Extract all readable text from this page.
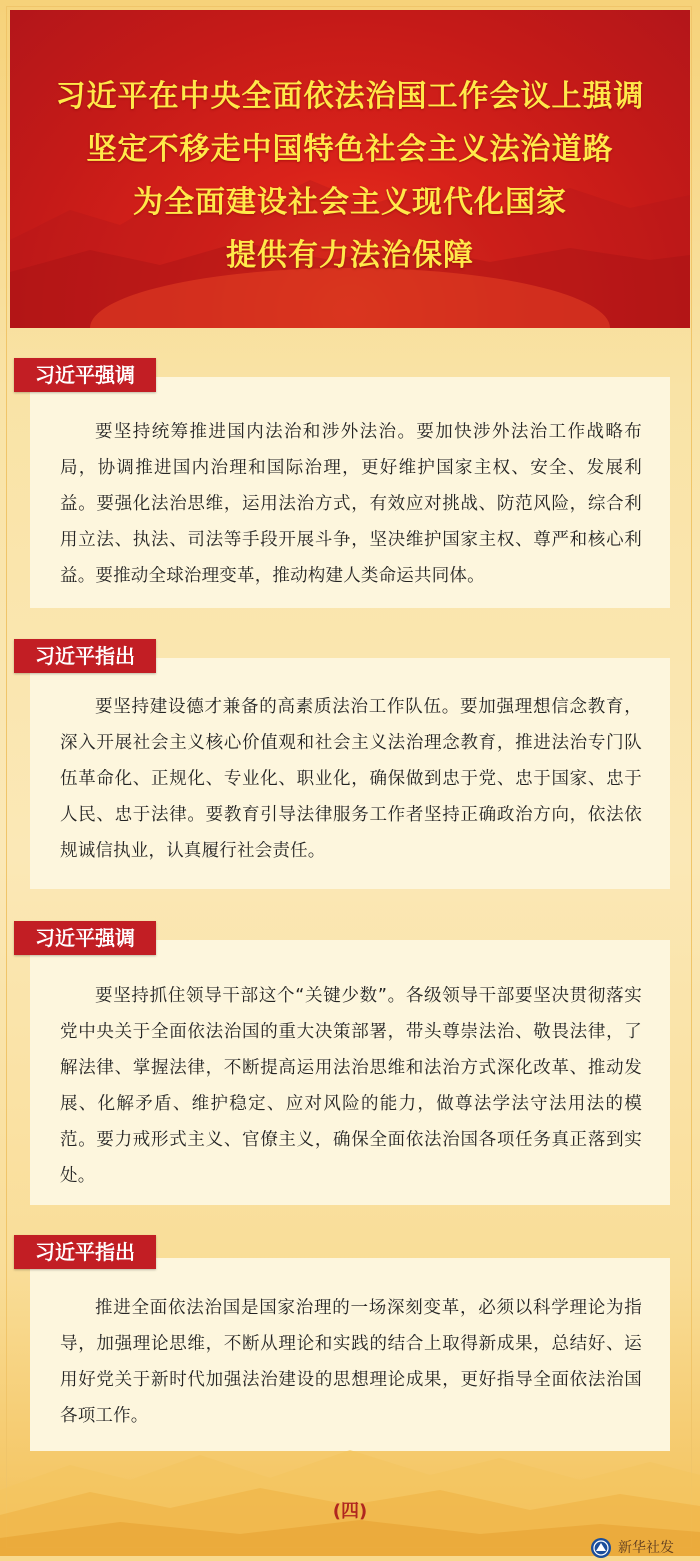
习近平在中央全面依法治国工作会议上强调
坚定不移走中国特色社会主义法治道路
为全面建设社会主义现代化国家
提供有力法治保障
习近平强调

要坚持统筹推进国内法治和涉外法治。要加快涉外法治工作战略布局，协调推进国内治理和国际治理，更好维护国家主权、安全、发展利益。要强化法治思维，运用法治方式，有效应对挑战、防范风险，综合利用立法、执法、司法等手段开展斗争，坚决维护国家主权、尊严和核心利益。要推动全球治理变革，推动构建人类命运共同体。

习近平指出

要坚持建设德才兼备的高素质法治工作队伍。要加强理想信念教育，深入开展社会主义核心价值观和社会主义法治理念教育，推进法治专门队伍革命化、正规化、专业化、职业化，确保做到忠于党、忠于国家、忠于人民、忠于法律。要教育引导法律服务工作者坚持正确政治方向，依法依规诚信执业，认真履行社会责任。

习近平强调

要坚持抓住领导干部这个“关键少数”。各级领导干部要坚决贯彻落实党中央关于全面依法治国的重大决策部署，带头尊崇法治、敬畏法律，了解法律、掌握法律，不断提高运用法治思维和法治方式深化改革、推动发展、化解矛盾、维护稳定、应对风险的能力，做尊法学法守法用法的模范。要力戒形式主义、官僚主义，确保全面依法治国各项任务真正落到实处。

习近平指出

推进全面依法治国是国家治理的一场深刻变革，必须以科学理论为指导，加强理论思维，不断从理论和实践的结合上取得新成果，总结好、运用好党关于新时代加强法治建设的思想理论成果，更好指导全面依法治国各项工作。

(四)
新华社发
